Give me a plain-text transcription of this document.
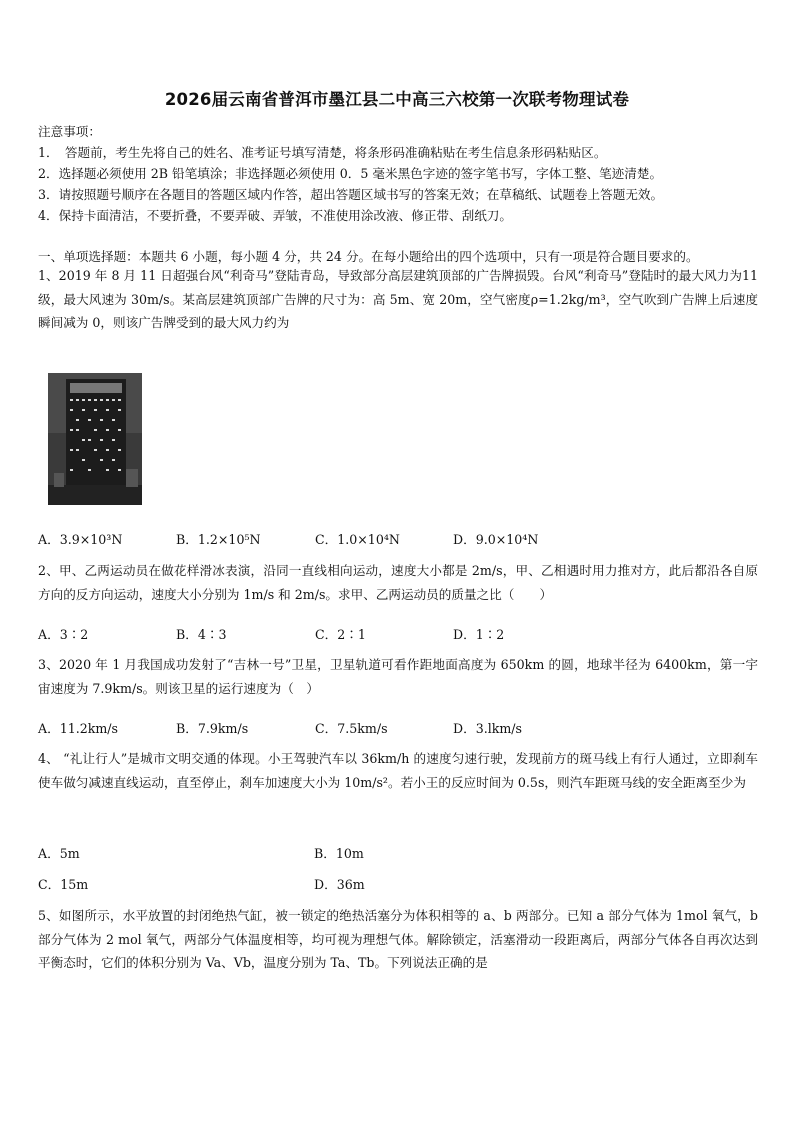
2026届云南省普洱市墨江县二中高三六校第一次联考物理试卷
注意事项：
1．　答题前，考生先将自己的姓名、准考证号填写清楚，将条形码准确粘贴在考生信息条形码粘贴区。
2．选择题必须使用 2B 铅笔填涂；非选择题必须使用 0．5 毫米黑色字迹的签字笔书写，字体工整、笔迹清楚。
3．请按照题号顺序在各题目的答题区域内作答，超出答题区域书写的答案无效；在草稿纸、试题卷上答题无效。
4．保持卡面清洁，不要折叠，不要弄破、弄皱，不准使用涂改液、修正带、刮纸刀。
一、单项选择题：本题共 6 小题，每小题 4 分，共 24 分。在每小题给出的四个选项中，只有一项是符合题目要求的。
1、2019 年 8 月 11 日超强台风“利奇马”登陆青岛，导致部分高层建筑顶部的广告牌损毁。台风“利奇马”登陆时的最大风力为11 级，最大风速为 30m/s。某高层建筑顶部广告牌的尺寸为：高 5m、宽 20m，空气密度ρ=1.2kg/m³，空气吹到广告牌上后速度瞬间减为 0，则该广告牌受到的最大风力约为
A．3.9×10³N	B．1.2×10⁵N	C．1.0×10⁴N	D．9.0×10⁴N
2、甲、乙两运动员在做花样滑冰表演，沿同一直线相向运动，速度大小都是 2m/s，甲、乙相遇时用力推对方，此后都沿各自原方向的反方向运动，速度大小分别为 1m/s 和 2m/s。求甲、乙两运动员的质量之比（　　）
A．3∶2	B．4∶3	C．2∶1	D．1∶2
3、2020 年 1 月我国成功发射了“吉林一号”卫星，卫星轨道可看作距地面高度为 650km 的圆，地球半径为 6400km，第一宇宙速度为 7.9km/s。则该卫星的运行速度为（　）
A．11.2km/s	B．7.9km/s	C．7.5km/s	D．3.lkm/s
4、 “礼让行人”是城市文明交通的体现。小王驾驶汽车以 36km/h 的速度匀速行驶，发现前方的斑马线上有行人通过，立即刹车使车做匀减速直线运动，直至停止，刹车加速度大小为 10m/s²。若小王的反应时间为 0.5s，则汽车距斑马线的安全距离至少为
A．5m	B．10m
C．15m	D．36m
5、如图所示，水平放置的封闭绝热气缸，被一锁定的绝热活塞分为体积相等的 a、b 两部分。已知 a 部分气体为 1mol 氧气，b 部分气体为 2 mol 氧气，两部分气体温度相等，均可视为理想气体。解除锁定，活塞滑动一段距离后，两部分气体各自再次达到平衡态时，它们的体积分别为 Va、Vb，温度分别为 Ta、Tb。下列说法正确的是
